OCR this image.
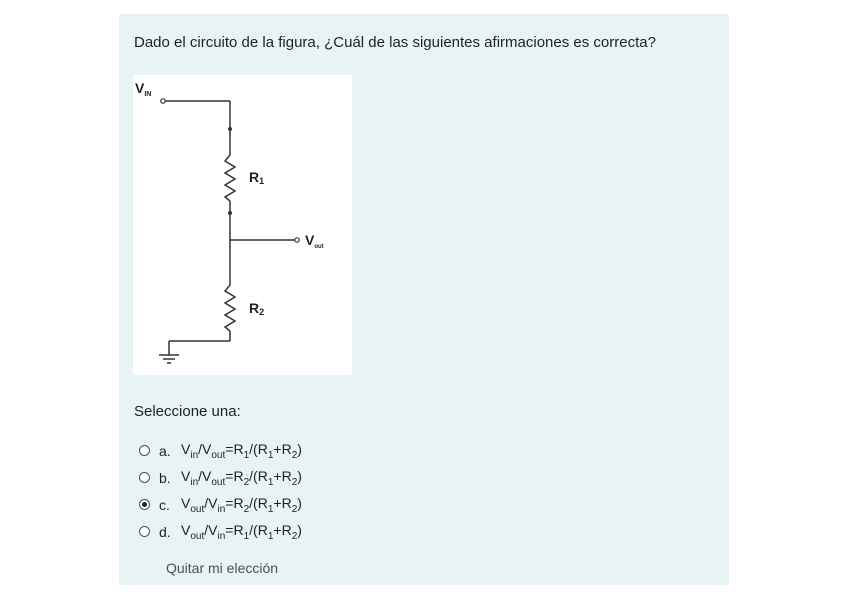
Dado el circuito de la figura, ¿Cuál de las siguientes afirmaciones es correcta?
$V_{IN}$
R1
R2
$V_{out}$
Seleccione una:
a. $V_{in}/V_{out}=R_1/(R_1+R_2)$
b. $V_{in}/V_{out}=R_2/(R_1+R_2)$
c. $V_{out}/V_{in}=R_2/(R_1+R_2)$
d. $V_{out}/V_{in}=R_1/(R_1+R_2)$
Quitar mi elección
